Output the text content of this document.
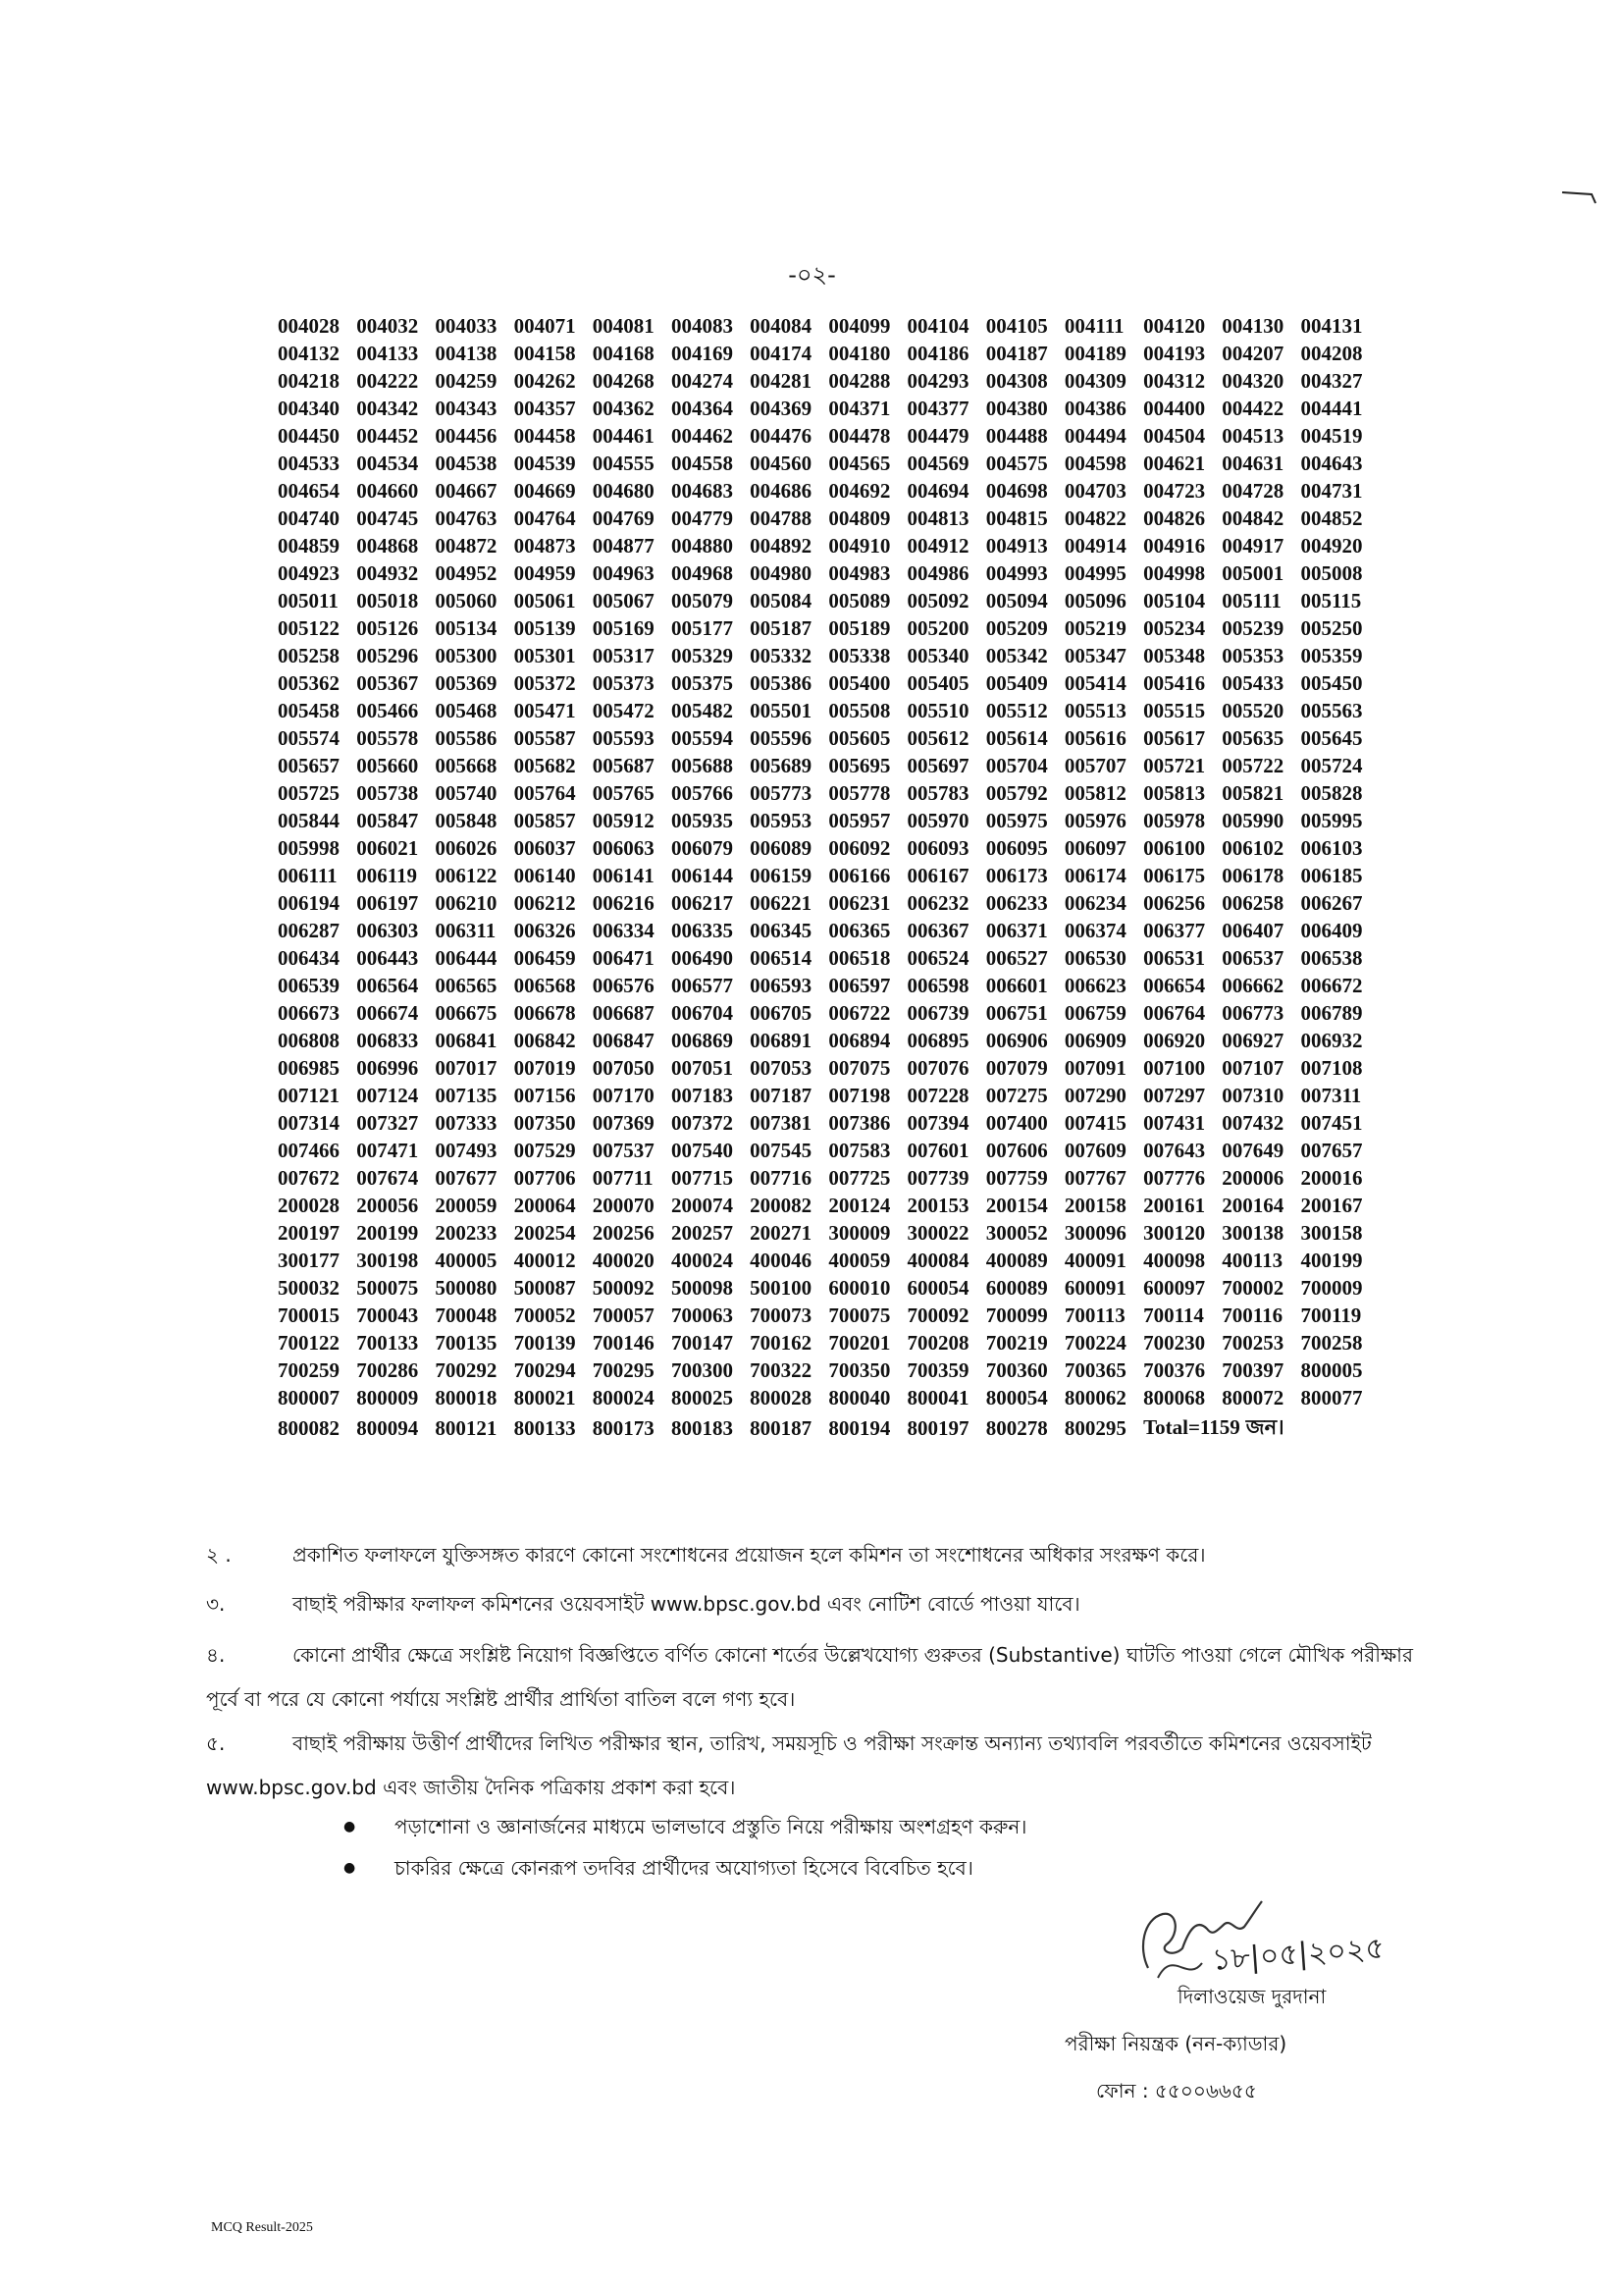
-০২-
004028	004032	004033	004071	004081	004083	004084	004099	004104	004105	004111	004120	004130	004131
004132	004133	004138	004158	004168	004169	004174	004180	004186	004187	004189	004193	004207	004208
004218	004222	004259	004262	004268	004274	004281	004288	004293	004308	004309	004312	004320	004327
004340	004342	004343	004357	004362	004364	004369	004371	004377	004380	004386	004400	004422	004441
004450	004452	004456	004458	004461	004462	004476	004478	004479	004488	004494	004504	004513	004519
004533	004534	004538	004539	004555	004558	004560	004565	004569	004575	004598	004621	004631	004643
004654	004660	004667	004669	004680	004683	004686	004692	004694	004698	004703	004723	004728	004731
004740	004745	004763	004764	004769	004779	004788	004809	004813	004815	004822	004826	004842	004852
004859	004868	004872	004873	004877	004880	004892	004910	004912	004913	004914	004916	004917	004920
004923	004932	004952	004959	004963	004968	004980	004983	004986	004993	004995	004998	005001	005008
005011	005018	005060	005061	005067	005079	005084	005089	005092	005094	005096	005104	005111	005115
005122	005126	005134	005139	005169	005177	005187	005189	005200	005209	005219	005234	005239	005250
005258	005296	005300	005301	005317	005329	005332	005338	005340	005342	005347	005348	005353	005359
005362	005367	005369	005372	005373	005375	005386	005400	005405	005409	005414	005416	005433	005450
005458	005466	005468	005471	005472	005482	005501	005508	005510	005512	005513	005515	005520	005563
005574	005578	005586	005587	005593	005594	005596	005605	005612	005614	005616	005617	005635	005645
005657	005660	005668	005682	005687	005688	005689	005695	005697	005704	005707	005721	005722	005724
005725	005738	005740	005764	005765	005766	005773	005778	005783	005792	005812	005813	005821	005828
005844	005847	005848	005857	005912	005935	005953	005957	005970	005975	005976	005978	005990	005995
005998	006021	006026	006037	006063	006079	006089	006092	006093	006095	006097	006100	006102	006103
006111	006119	006122	006140	006141	006144	006159	006166	006167	006173	006174	006175	006178	006185
006194	006197	006210	006212	006216	006217	006221	006231	006232	006233	006234	006256	006258	006267
006287	006303	006311	006326	006334	006335	006345	006365	006367	006371	006374	006377	006407	006409
006434	006443	006444	006459	006471	006490	006514	006518	006524	006527	006530	006531	006537	006538
006539	006564	006565	006568	006576	006577	006593	006597	006598	006601	006623	006654	006662	006672
006673	006674	006675	006678	006687	006704	006705	006722	006739	006751	006759	006764	006773	006789
006808	006833	006841	006842	006847	006869	006891	006894	006895	006906	006909	006920	006927	006932
006985	006996	007017	007019	007050	007051	007053	007075	007076	007079	007091	007100	007107	007108
007121	007124	007135	007156	007170	007183	007187	007198	007228	007275	007290	007297	007310	007311
007314	007327	007333	007350	007369	007372	007381	007386	007394	007400	007415	007431	007432	007451
007466	007471	007493	007529	007537	007540	007545	007583	007601	007606	007609	007643	007649	007657
007672	007674	007677	007706	007711	007715	007716	007725	007739	007759	007767	007776	200006	200016
200028	200056	200059	200064	200070	200074	200082	200124	200153	200154	200158	200161	200164	200167
200197	200199	200233	200254	200256	200257	200271	300009	300022	300052	300096	300120	300138	300158
300177	300198	400005	400012	400020	400024	400046	400059	400084	400089	400091	400098	400113	400199
500032	500075	500080	500087	500092	500098	500100	600010	600054	600089	600091	600097	700002	700009
700015	700043	700048	700052	700057	700063	700073	700075	700092	700099	700113	700114	700116	700119
700122	700133	700135	700139	700146	700147	700162	700201	700208	700219	700224	700230	700253	700258
700259	700286	700292	700294	700295	700300	700322	700350	700359	700360	700365	700376	700397	800005
800007	800009	800018	800021	800024	800025	800028	800040	800041	800054	800062	800068	800072	800077
800082	800094	800121	800133	800173	800183	800187	800194	800197	800278	800295	Total=1159 জন।		
২ .	প্রকাশিত ফলাফলে যুক্তিসঙ্গত কারণে কোনো সংশোধনের প্রয়োজন হলে কমিশন তা সংশোধনের অধিকার সংরক্ষণ করে।
৩.	বাছাই পরীক্ষার ফলাফল কমিশনের ওয়েবসাইট www.bpsc.gov.bd এবং নোটিশ বোর্ডে পাওয়া যাবে।
৪.	কোনো প্রার্থীর ক্ষেত্রে সংশ্লিষ্ট নিয়োগ বিজ্ঞপ্তিতে বর্ণিত কোনো শর্তের উল্লেখযোগ্য গুরুতর (Substantive) ঘাটতি পাওয়া গেলে মৌখিক পরীক্ষার পূর্বে বা পরে যে কোনো পর্যায়ে সংশ্লিষ্ট প্রার্থীর প্রার্থিতা বাতিল বলে গণ্য হবে।
৫.	বাছাই পরীক্ষায় উত্তীর্ণ প্রার্থীদের লিখিত পরীক্ষার স্থান, তারিখ, সময়সূচি ও পরীক্ষা সংক্রান্ত অন্যান্য তথ্যাবলি পরবর্তীতে কমিশনের ওয়েবসাইট www.bpsc.gov.bd এবং জাতীয় দৈনিক পত্রিকায় প্রকাশ করা হবে।
● পড়াশোনা ও জ্ঞানার্জনের মাধ্যমে ভালভাবে প্রস্তুতি নিয়ে পরীক্ষায় অংশগ্রহণ করুন।
● চাকরির ক্ষেত্রে কোনরূপ তদবির প্রার্থীদের অযোগ্যতা হিসেবে বিবেচিত হবে।
১৮|০৫|২০২৫
দিলাওয়েজ দুরদানা
পরীক্ষা নিয়ন্ত্রক (নন-ক্যাডার)
ফোন : ৫৫০০৬৬৫৫
MCQ Result-2025
